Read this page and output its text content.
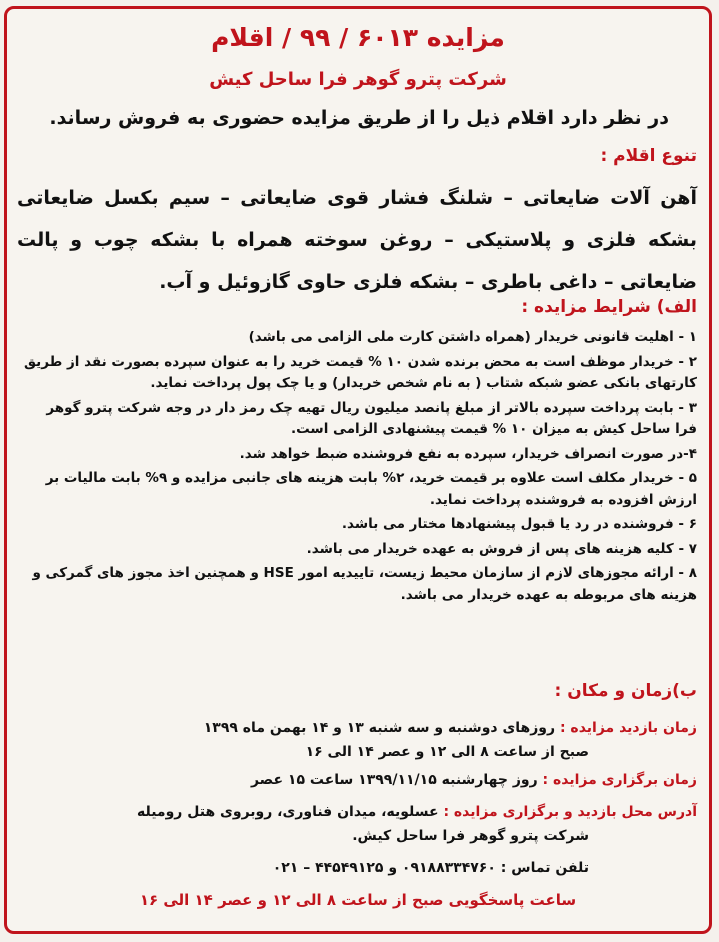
مزایده ۶۰۱۳ / ۹۹ / اقلام
شرکت پترو گوهر فرا ساحل کیش

در نظر دارد اقلام ذیل را از طریق مزایده حضوری به فروش رساند.

تنوع اقلام :

آهن آلات ضایعاتی – شلنگ فشار قوی ضایعاتی – سیم بکسل ضایعاتی بشکه فلزی و پلاستیکی – روغن سوخته همراه با بشکه چوب و پالت ضایعاتی – داغی باطری – بشکه فلزی حاوی گازوئیل و آب.

الف) شرایط مزایده :
۱ - اهلیت قانونی خریدار (همراه داشتن کارت ملی الزامی می باشد)
۲ - خریدار موظف است به محض برنده شدن ۱۰ % قیمت خرید را به عنوان سپرده بصورت نقد از طریق کارتهای بانکی عضو شبکه شتاب ( به نام شخص خریدار) و یا چک پول پرداخت نماید.
۳ - بابت پرداخت سپرده بالاتر از مبلغ پانصد میلیون ریال تهیه چک رمز دار در وجه شرکت پترو گوهر فرا ساحل کیش به میزان ۱۰ % قیمت پیشنهادی الزامی است.
۴-در صورت انصراف خریدار، سپرده به نفع فروشنده ضبط خواهد شد.
۵ - خریدار مکلف است علاوه بر قیمت خرید، ۲% بابت هزینه های جانبی مزایده و ۹% بابت مالیات بر ارزش افزوده به فروشنده پرداخت نماید.
۶ - فروشنده در رد یا قبول پیشنهادها مختار می باشد.
۷ - کلیه هزینه های پس از فروش به عهده خریدار می باشد.
۸ - ارائه مجوزهای لازم از سازمان محیط زیست، تاییدیه امور HSE و همچنین اخذ مجوز های گمرکی و هزینه های مربوطه به عهده خریدار می باشد.
ب)زمان و مکان :

زمان بازدید مزایده : روزهای دوشنبه و سه شنبه ۱۳ و ۱۴ بهمن ماه ۱۳۹۹

صبح از ساعت ۸ الی ۱۲ و عصر ۱۴ الی ۱۶

زمان برگزاری مزایده : روز چهارشنبه ۱۳۹۹/۱۱/۱۵ ساعت ۱۵ عصر

آدرس محل بازدید و برگزاری مزایده : عسلویه، میدان فناوری، روبروی هتل رومیله

شرکت پترو گوهر فرا ساحل کیش.

تلفن تماس : ۰۹۱۸۸۳۳۴۷۶۰ و ۴۴۵۴۹۱۲۵ – ۰۲۱

ساعت پاسخگویی صبح از ساعت ۸ الی ۱۲ و عصر ۱۴ الی ۱۶
